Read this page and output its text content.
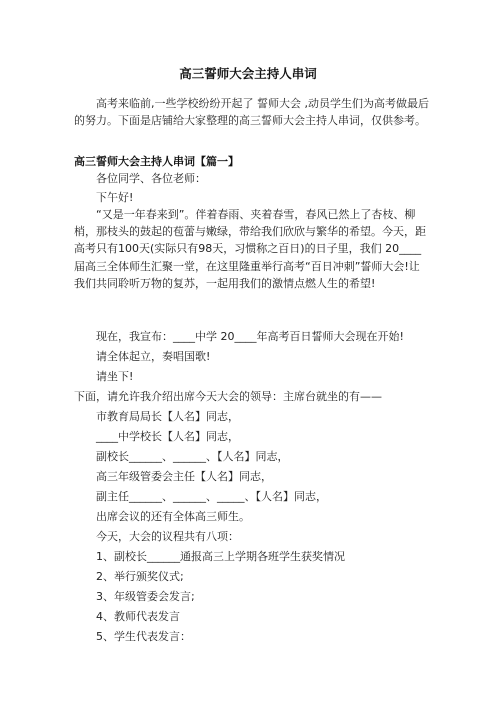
高三誓师大会主持人串词
高考来临前,一些学校纷纷开起了 誓师大会 ,动员学生们为高考做最后的努力。下面是店铺给大家整理的高三誓师大会主持人串词，仅供参考。
高三誓师大会主持人串词【篇一】
各位同学、各位老师：
下午好!
“又是一年春来到”。伴着春雨、夹着春雪，春风已然上了杏枝、柳梢，那枝头的鼓起的苞蕾与嫩绿，带给我们欣欣与繁华的希望。今天，距高考只有100天(实际只有98天，习惯称之百日)的日子里，我们 20____届高三全体师生汇聚一堂，在这里隆重举行高考“百日冲刺”誓师大会!让我们共同聆听万物的复苏，一起用我们的激情点燃人生的希望!
现在，我宣布：____中学 20____年高考百日誓师大会现在开始!
请全体起立，奏唱国歌!
请坐下!
下面，请允许我介绍出席今天大会的领导：主席台就坐的有——
市教育局局长【人名】同志，
____中学校长【人名】同志，
副校长______、______、【人名】同志，
高三年级管委会主任【人名】同志，
副主任______、______、_____、【人名】同志，
出席会议的还有全体高三师生。
今天，大会的议程共有八项：
1、副校长______通报高三上学期各班学生获奖情况
2、举行颁奖仪式;
3、年级管委会发言;
4、教师代表发言
5、学生代表发言：
